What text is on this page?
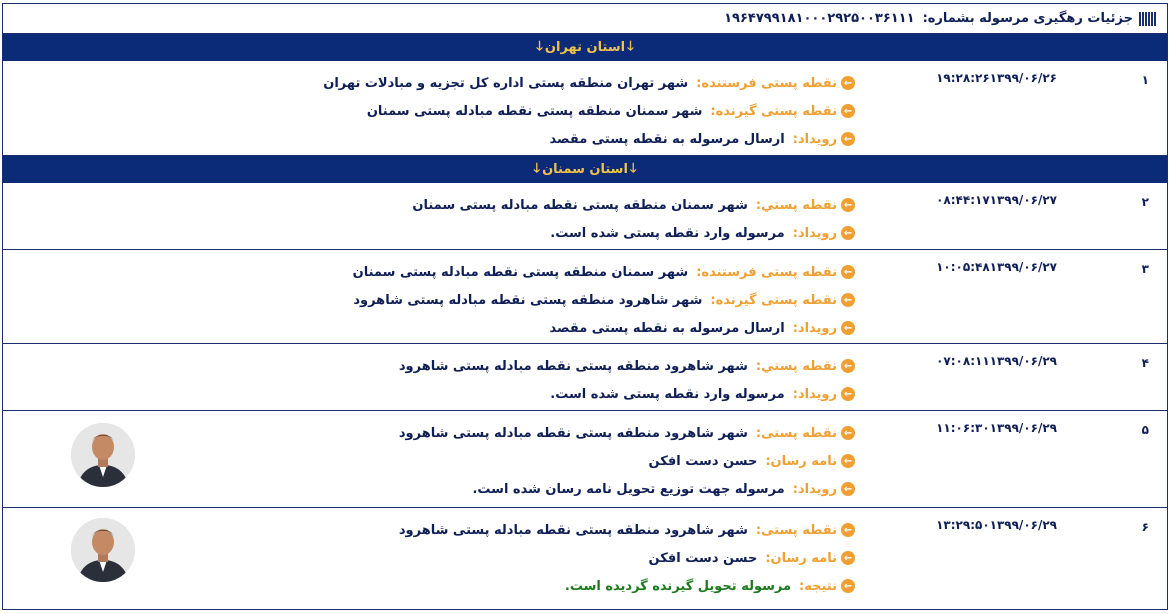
جزئیات رهگیری مرسوله بشماره:
۱۹۶۴۷۹۹۱۸۱۰۰۰۲۹۲۵۰۰۳۶۱۱۱
🡓
استان تهران
🡓
۱
۱۹:۲۸:۲۶۱۳۹۹/۰۶/۲۶
←
نقطه پستی فرستنده:
شهر تهران منطقه پستی اداره کل تجزیه و مبادلات تهران
←
نقطه پستی گیرنده:
شهر سمنان منطقه پستی نقطه مبادله پستی سمنان
←
رویداد:
ارسال مرسوله به نقطه پستی مقصد
🡓
استان سمنان
🡓
۲
۰۸:۴۴:۱۷۱۳۹۹/۰۶/۲۷
←
نقطه پستي:
شهر سمنان منطقه پستی نقطه مبادله پستی سمنان
←
رویداد:
مرسوله وارد نقطه پستی شده است.
۳
۱۰:۰۵:۴۸۱۳۹۹/۰۶/۲۷
←
نقطه پستی فرستنده:
شهر سمنان منطقه پستی نقطه مبادله پستی سمنان
←
نقطه پستی گیرنده:
شهر شاهرود منطقه پستی نقطه مبادله پستی شاهرود
←
رویداد:
ارسال مرسوله به نقطه پستی مقصد
۴
۰۷:۰۸:۱۱۱۳۹۹/۰۶/۲۹
←
نقطه پستي:
شهر شاهرود منطقه پستی نقطه مبادله پستی شاهرود
←
رویداد:
مرسوله وارد نقطه پستی شده است.
۵
۱۱:۰۶:۳۰۱۳۹۹/۰۶/۲۹
←
نقطه پستی:
شهر شاهرود منطقه پستی نقطه مبادله پستی شاهرود
←
نامه رسان:
حسن دست افکن
←
رویداد:
مرسوله جهت توزیع تحویل نامه رسان شده است.
۶
۱۳:۲۹:۵۰۱۳۹۹/۰۶/۲۹
←
نقطه پستی:
شهر شاهرود منطقه پستی نقطه مبادله پستی شاهرود
←
نامه رسان:
حسن دست افکن
←
نتیجه:
مرسوله تحویل گیرنده گردیده است.
